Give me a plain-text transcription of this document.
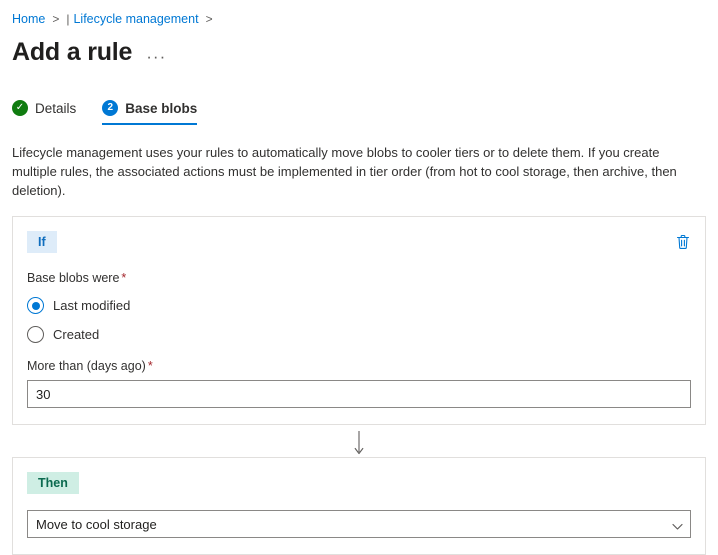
Home > | Lifecycle management >
Add a rule ···
✓ Details	2 Base blobs
Lifecycle management uses your rules to automatically move blobs to cooler tiers or to delete them. If you create multiple rules, the associated actions must be implemented in tier order (from hot to cool storage, then archive, then deletion).
If
Base blobs were *
Last modified
Created
More than (days ago) *
30
Then
Move to cool storage
